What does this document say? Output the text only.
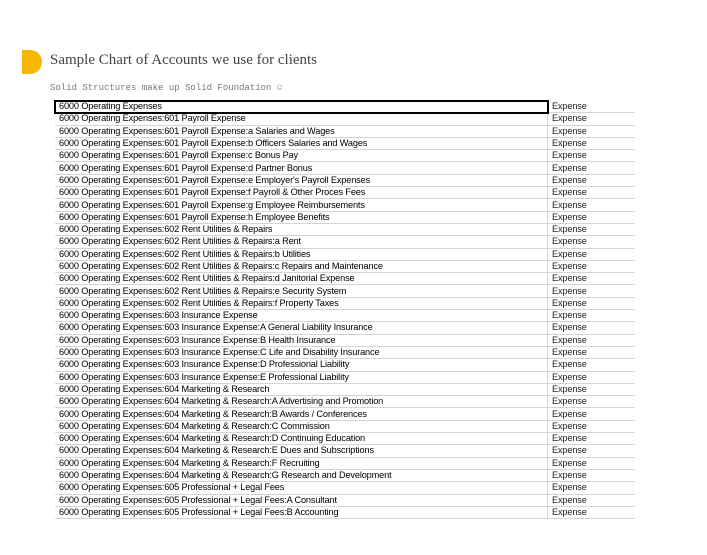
Sample Chart of Accounts we use for clients
Solid Structures make up Solid Foundation ☺
6000 Operating Expenses	Expense
6000 Operating Expenses:601 Payroll Expense	Expense
6000 Operating Expenses:601 Payroll Expense:a Salaries and Wages	Expense
6000 Operating Expenses:601 Payroll Expense:b Officers Salaries and Wages	Expense
6000 Operating Expenses:601 Payroll Expense:c Bonus Pay	Expense
6000 Operating Expenses:601 Payroll Expense:d Partner Bonus	Expense
6000 Operating Expenses:601 Payroll Expense:e Employer's Payroll Expenses	Expense
6000 Operating Expenses:601 Payroll Expense:f Payroll & Other Proces Fees	Expense
6000 Operating Expenses:601 Payroll Expense:g Employee Reimbursements	Expense
6000 Operating Expenses:601 Payroll Expense:h Employee Benefits	Expense
6000 Operating Expenses:602 Rent Utilities & Repairs	Expense
6000 Operating Expenses:602 Rent Utilities & Repairs:a Rent	Expense
6000 Operating Expenses:602 Rent Utilities & Repairs:b Utilities	Expense
6000 Operating Expenses:602 Rent Utilities & Repairs:c Repairs and Maintenance	Expense
6000 Operating Expenses:602 Rent Utilities & Repairs:d Janitorial Expense	Expense
6000 Operating Expenses:602 Rent Utilities & Repairs:e Security System	Expense
6000 Operating Expenses:602 Rent Utilities & Repairs:f Property Taxes	Expense
6000 Operating Expenses:603 Insurance Expense	Expense
6000 Operating Expenses:603 Insurance Expense:A General Liability Insurance	Expense
6000 Operating Expenses:603 Insurance Expense:B Health Insurance	Expense
6000 Operating Expenses:603 Insurance Expense:C Life and Disability Insurance	Expense
6000 Operating Expenses:603 Insurance Expense:D Professional Liability	Expense
6000 Operating Expenses:603 Insurance Expense:E Professional Liability	Expense
6000 Operating Expenses:604 Marketing & Research	Expense
6000 Operating Expenses:604 Marketing & Research:A Advertising and Promotion	Expense
6000 Operating Expenses:604 Marketing & Research:B Awards / Conferences	Expense
6000 Operating Expenses:604 Marketing & Research:C Commission	Expense
6000 Operating Expenses:604 Marketing & Research:D Continuing Education	Expense
6000 Operating Expenses:604 Marketing & Research:E Dues and Subscriptions	Expense
6000 Operating Expenses:604 Marketing & Research:F Recruiting	Expense
6000 Operating Expenses:604 Marketing & Research:G Research and Development	Expense
6000 Operating Expenses:605 Professional + Legal Fees	Expense
6000 Operating Expenses:605 Professional + Legal Fees:A Consultant	Expense
6000 Operating Expenses:605 Professional + Legal Fees:B Accounting	Expense
